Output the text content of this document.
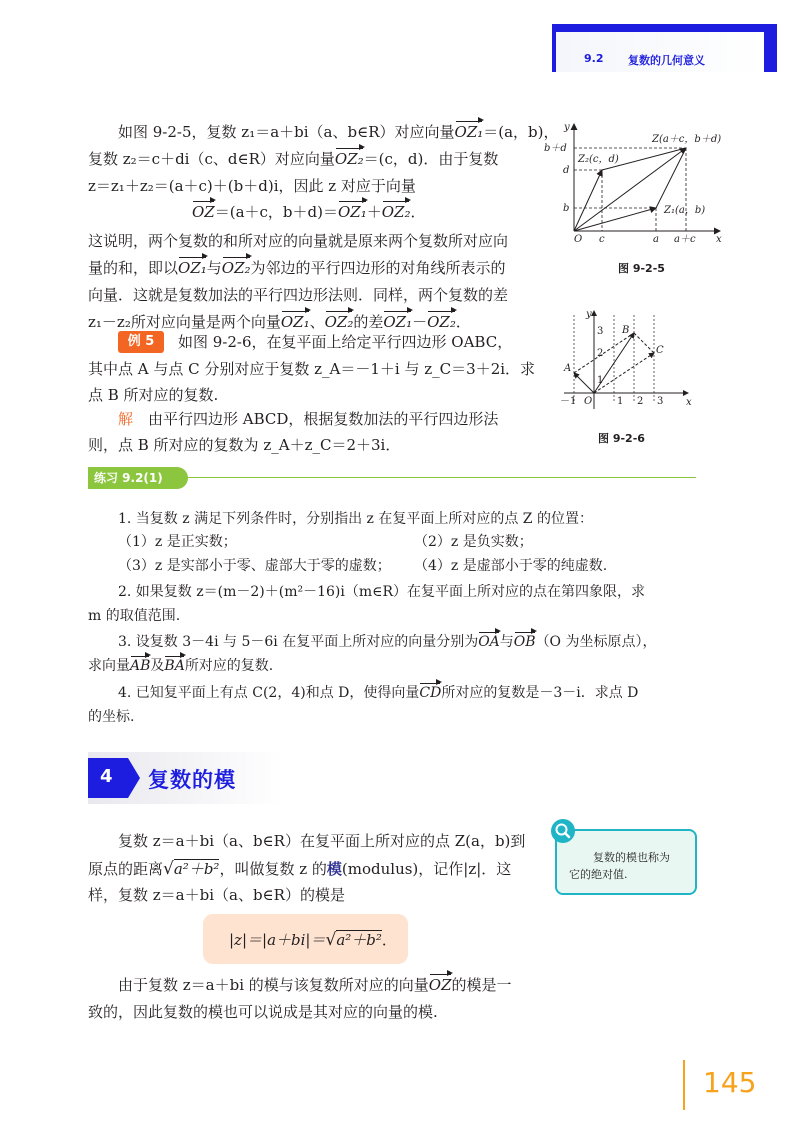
9.2 复数的几何意义
如图 9-2-5，复数 z₁＝a＋bi（a、b∈R）对应向量OZ₁＝(a，b)，
复数 z₂＝c＋di（c、d∈R）对应向量OZ₂＝(c，d)．由于复数
z＝z₁＋z₂＝(a＋c)＋(b＋d)i，因此 z 对应于向量
OZ＝(a＋c，b＋d)＝OZ₁＋OZ₂．
这说明，两个复数的和所对应的向量就是原来两个复数所对应向
量的和，即以OZ₁与OZ₂为邻边的平行四边形的对角线所表示的
向量．这就是复数加法的平行四边形法则．同样，两个复数的差
z₁－z₂所对应向量是两个向量OZ₁、OZ₂的差OZ₁－OZ₂．
例 5	如图 9-2-6，在复平面上给定平行四边形 OABC，
其中点 A 与点 C 分别对应于复数 z_A＝－1＋i 与 z_C＝3＋2i．求
点 B 所对应的复数.
解 由平行四边形 ABCD，根据复数加法的平行四边形法
则，点 B 所对应的复数为 z_A＋z_C＝2＋3i．
y
x
O
b＋d
d
b
c	a a＋c
Z(a＋c，b＋d)
Z₂(c，d)
Z₁(a，b)
图 9-2-5
y
x
O
A
B
C
－1	1 2 3
1
2
3
图 9-2-6
练习 9.2(1)
1. 当复数 z 满足下列条件时，分别指出 z 在复平面上所对应的点 Z 的位置：
（1）z 是正实数；	（2）z 是负实数；
（3）z 是实部小于零、虚部大于零的虚数； （4）z 是虚部小于零的纯虚数.
2. 如果复数 z＝(m－2)＋(m²－16)i（m∈R）在复平面上所对应的点在第四象限，求
m 的取值范围.
3. 设复数 3－4i 与 5－6i 在复平面上所对应的向量分别为OA与OB（O 为坐标原点），
求向量AB及BA所对应的复数.
4. 已知复平面上有点 C(2，4)和点 D，使得向量CD所对应的复数是－3－i．求点 D
的坐标.
4 复数的模
复数 z＝a＋bi（a、b∈R）在复平面上所对应的点 Z(a，b)到
原点的距离√a²＋b²，叫做复数 z 的模(modulus)，记作|z|．这
样，复数 z＝a＋bi（a、b∈R）的模是
复数的模也称为
它的绝对值.
|z|＝|a＋bi|＝√a²＋b²．
由于复数 z＝a＋bi 的模与该复数所对应的向量OZ的模是一
致的，因此复数的模也可以说成是其对应的向量的模.
145
